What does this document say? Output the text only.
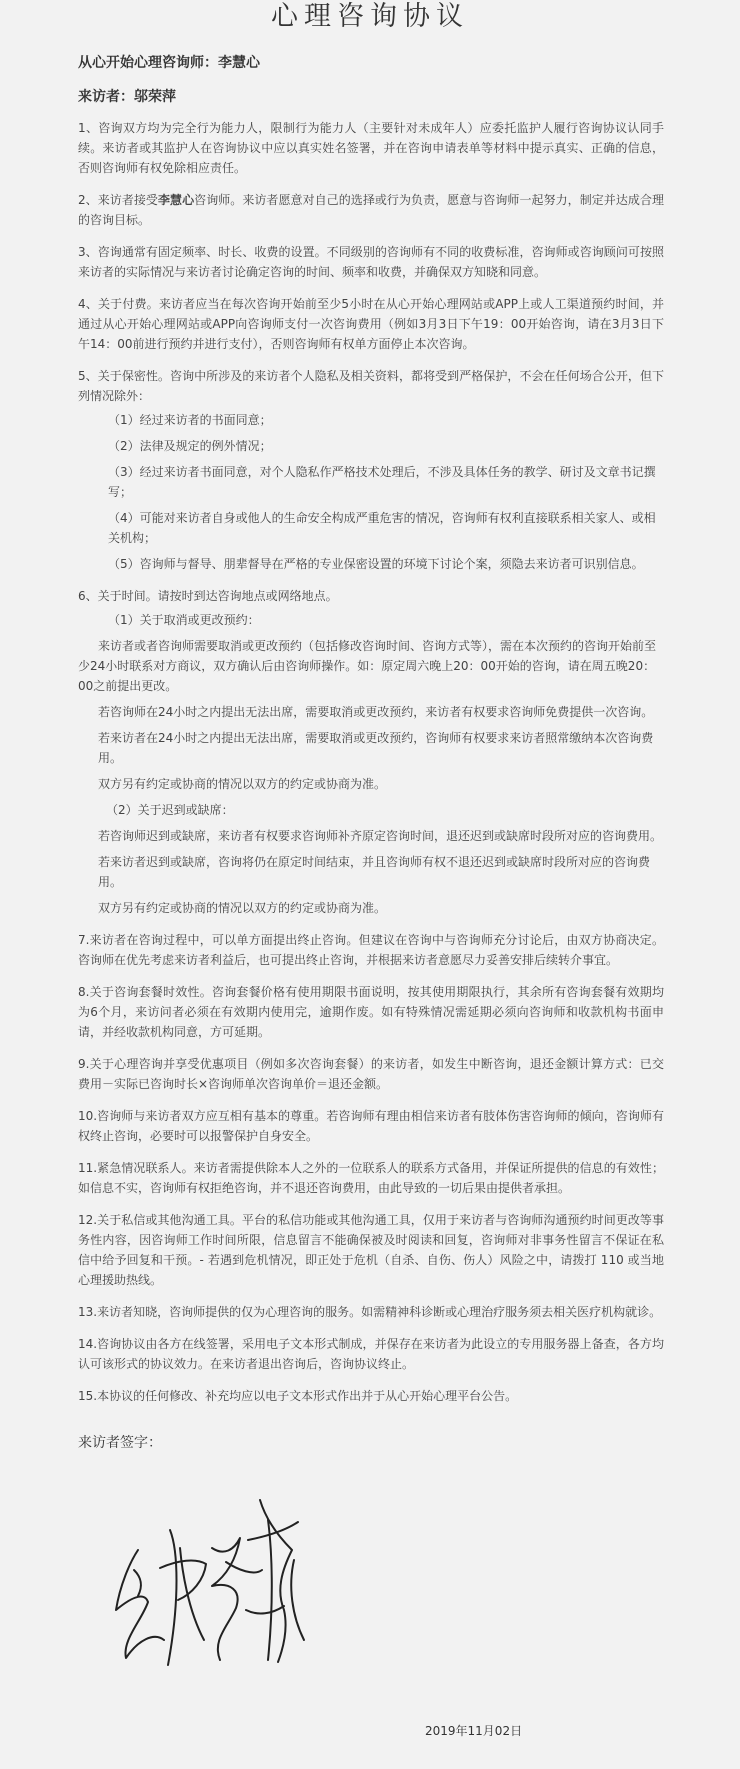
心理咨询协议
从心开始心理咨询师：李慧心
来访者：邬荣萍

1、咨询双方均为完全行为能力人，限制行为能力人（主要针对未成年人）应委托监护人履行咨询协议认同手续。来访者或其监护人在咨询协议中应以真实姓名签署，并在咨询申请表单等材料中提示真实、正确的信息，否则咨询师有权免除相应责任。

2、来访者接受李慧心咨询师。来访者愿意对自己的选择或行为负责，愿意与咨询师一起努力，制定并达成合理的咨询目标。

3、咨询通常有固定频率、时长、收费的设置。不同级别的咨询师有不同的收费标准，咨询师或咨询顾问可按照来访者的实际情况与来访者讨论确定咨询的时间、频率和收费，并确保双方知晓和同意。

4、关于付费。来访者应当在每次咨询开始前至少5小时在从心开始心理网站或APP上或人工渠道预约时间，并通过从心开始心理网站或APP向咨询师支付一次咨询费用（例如3月3日下午19：00开始咨询，请在3月3日下午14：00前进行预约并进行支付），否则咨询师有权单方面停止本次咨询。

5、关于保密性。咨询中所涉及的来访者个人隐私及相关资料，都将受到严格保护，不会在任何场合公开，但下列情况除外：

（1）经过来访者的书面同意；
（2）法律及规定的例外情况；
（3）经过来访者书面同意，对个人隐私作严格技术处理后，不涉及具体任务的教学、研讨及文章书记撰写；
（4）可能对来访者自身或他人的生命安全构成严重危害的情况，咨询师有权利直接联系相关家人、或相关机构；
（5）咨询师与督导、朋辈督导在严格的专业保密设置的环境下讨论个案，须隐去来访者可识别信息。

6、关于时间。请按时到达咨询地点或网络地点。

（1）关于取消或更改预约：
来访者或者咨询师需要取消或更改预约（包括修改咨询时间、咨询方式等），需在本次预约的咨询开始前至少24小时联系对方商议，双方确认后由咨询师操作。如：原定周六晚上20：00开始的咨询，请在周五晚20：00之前提出更改。
若咨询师在24小时之内提出无法出席，需要取消或更改预约，来访者有权要求咨询师免费提供一次咨询。
若来访者在24小时之内提出无法出席，需要取消或更改预约，咨询师有权要求来访者照常缴纳本次咨询费用。
双方另有约定或协商的情况以双方的约定或协商为准。
（2）关于迟到或缺席：
若咨询师迟到或缺席，来访者有权要求咨询师补齐原定咨询时间，退还迟到或缺席时段所对应的咨询费用。
若来访者迟到或缺席，咨询将仍在原定时间结束，并且咨询师有权不退还迟到或缺席时段所对应的咨询费用。
双方另有约定或协商的情况以双方的约定或协商为准。

7.来访者在咨询过程中，可以单方面提出终止咨询。但建议在咨询中与咨询师充分讨论后，由双方协商决定。咨询师在优先考虑来访者利益后，也可提出终止咨询，并根据来访者意愿尽力妥善安排后续转介事宜。

8.关于咨询套餐时效性。咨询套餐价格有使用期限书面说明，按其使用期限执行，其余所有咨询套餐有效期均为6个月，来访问者必须在有效期内使用完，逾期作废。如有特殊情况需延期必须向咨询师和收款机构书面申请，并经收款机构同意，方可延期。

9.关于心理咨询并享受优惠项目（例如多次咨询套餐）的来访者，如发生中断咨询，退还金额计算方式：已交费用－实际已咨询时长×咨询师单次咨询单价＝退还金额。

10.咨询师与来访者双方应互相有基本的尊重。若咨询师有理由相信来访者有肢体伤害咨询师的倾向，咨询师有权终止咨询，必要时可以报警保护自身安全。

11.紧急情况联系人。来访者需提供除本人之外的一位联系人的联系方式备用，并保证所提供的信息的有效性；如信息不实，咨询师有权拒绝咨询，并不退还咨询费用，由此导致的一切后果由提供者承担。

12.关于私信或其他沟通工具。平台的私信功能或其他沟通工具，仅用于来访者与咨询师沟通预约时间更改等事务性内容，因咨询师工作时间所限，信息留言不能确保被及时阅读和回复，咨询师对非事务性留言不保证在私信中给予回复和干预。- 若遇到危机情况，即正处于危机（自杀、自伤、伤人）风险之中，请拨打 110 或当地心理援助热线。

13.来访者知晓，咨询师提供的仅为心理咨询的服务。如需精神科诊断或心理治疗服务须去相关医疗机构就诊。

14.咨询协议由各方在线签署，采用电子文本形式制成，并保存在来访者为此设立的专用服务器上备查，各方均认可该形式的协议效力。在来访者退出咨询后，咨询协议终止。

15.本协议的任何修改、补充均应以电子文本形式作出并于从心开始心理平台公告。

来访者签字：
2019年11月02日
